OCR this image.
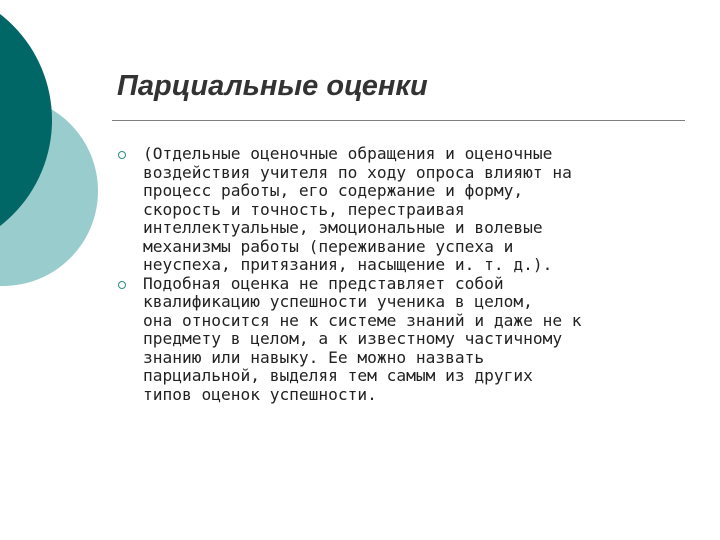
Парциальные оценки
(Отдельные оценочные обращения и оценочные
воздействия учителя по ходу опроса влияют на
процесс работы, его содержание и форму,
скорость и точность, перестраивая
интеллектуальные, эмоциональные и волевые
механизмы работы (переживание успеха и
неуспеха, притязания, насыщение и. т. д.).
Подобная оценка не представляет собой
квалификацию успешности ученика в целом,
она относится не к системе знаний и даже не к
предмету в целом, а к известному частичному
знанию или навыку. Ее можно назвать
парциальной, выделяя тем самым из других
типов оценок успешности.
